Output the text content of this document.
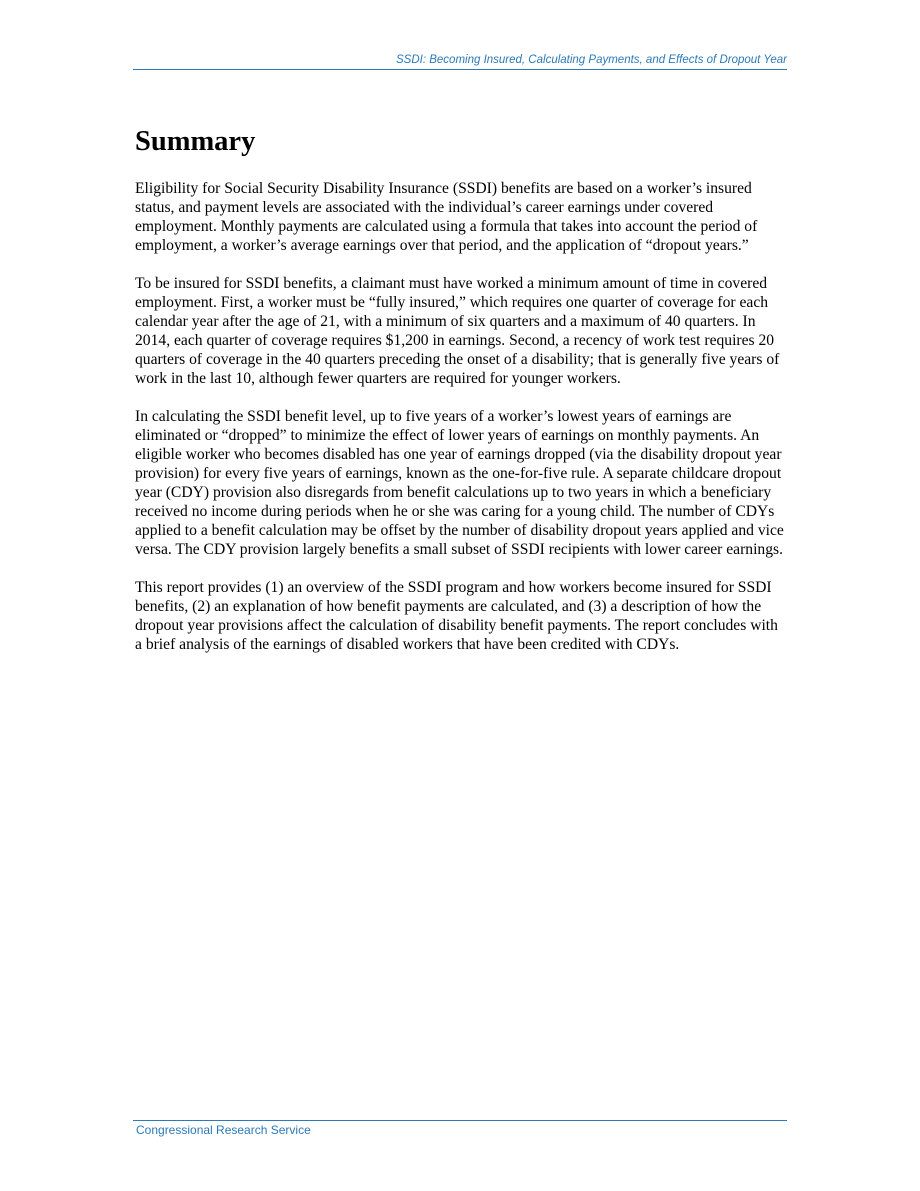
SSDI: Becoming Insured, Calculating Payments, and Effects of Dropout Year
Summary

Eligibility for Social Security Disability Insurance (SSDI) benefits are based on a worker’s insured status, and payment levels are associated with the individual’s career earnings under covered employment. Monthly payments are calculated using a formula that takes into account the period of employment, a worker’s average earnings over that period, and the application of “dropout years.”

To be insured for SSDI benefits, a claimant must have worked a minimum amount of time in covered employment. First, a worker must be “fully insured,” which requires one quarter of coverage for each calendar year after the age of 21, with a minimum of six quarters and a maximum of 40 quarters. In 2014, each quarter of coverage requires $1,200 in earnings. Second, a recency of work test requires 20 quarters of coverage in the 40 quarters preceding the onset of a disability; that is generally five years of work in the last 10, although fewer quarters are required for younger workers.

In calculating the SSDI benefit level, up to five years of a worker’s lowest years of earnings are eliminated or “dropped” to minimize the effect of lower years of earnings on monthly payments. An eligible worker who becomes disabled has one year of earnings dropped (via the disability dropout year provision) for every five years of earnings, known as the one-for-five rule. A separate childcare dropout year (CDY) provision also disregards from benefit calculations up to two years in which a beneficiary received no income during periods when he or she was caring for a young child. The number of CDYs applied to a benefit calculation may be offset by the number of disability dropout years applied and vice versa. The CDY provision largely benefits a small subset of SSDI recipients with lower career earnings.

This report provides (1) an overview of the SSDI program and how workers become insured for SSDI benefits, (2) an explanation of how benefit payments are calculated, and (3) a description of how the dropout year provisions affect the calculation of disability benefit payments. The report concludes with a brief analysis of the earnings of disabled workers that have been credited with CDYs.

Congressional Research Service
